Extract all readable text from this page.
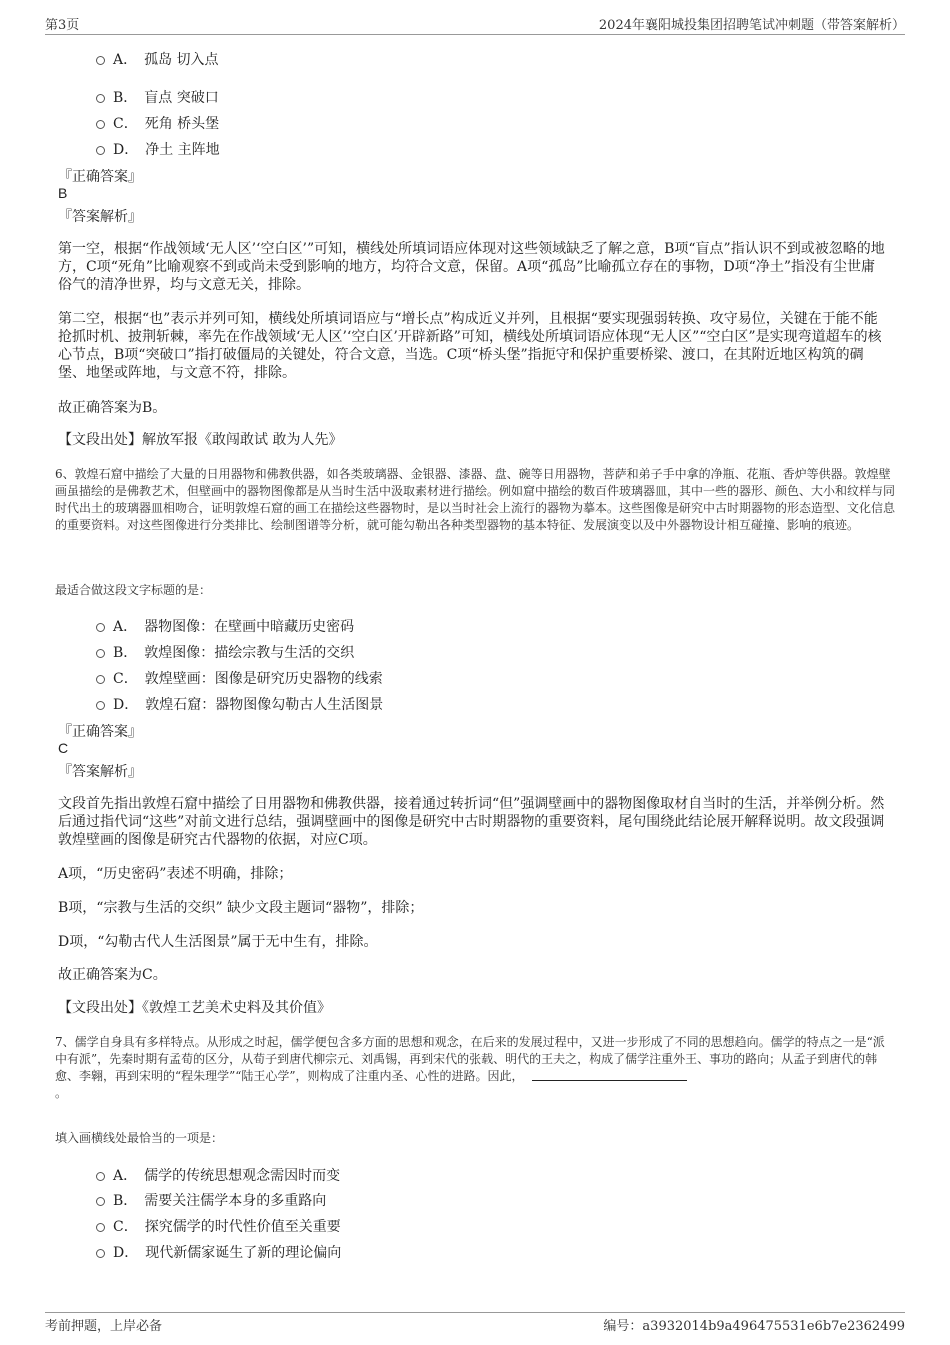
第3页	2024年襄阳城投集团招聘笔试冲刺题（带答案解析）
A．　孤岛 切入点
B．　盲点 突破口
C．　死角 桥头堡
D．　净土 主阵地
『正确答案』
B
『答案解析』
第一空，根据“作战领域‘无人区’‘空白区’”可知，横线处所填词语应体现对这些领域缺乏了解之意，B项“盲点”指认识不到或被忽略的地方，C项“死角”比喻观察不到或尚未受到影响的地方，均符合文意，保留。A项“孤岛”比喻孤立存在的事物，D项“净土”指没有尘世庸俗气的清净世界，均与文意无关，排除。
第二空，根据“也”表示并列可知，横线处所填词语应与“增长点”构成近义并列，且根据“要实现强弱转换、攻守易位，关键在于能不能抢抓时机、披荆斩棘，率先在作战领域‘无人区’‘空白区’开辟新路”可知，横线处所填词语应体现“无人区”“空白区”是实现弯道超车的核心节点，B项“突破口”指打破僵局的关键处，符合文意，当选。C项“桥头堡”指扼守和保护重要桥梁、渡口，在其附近地区构筑的碉堡、地堡或阵地，与文意不符，排除。
故正确答案为B。
【文段出处】解放军报《敢闯敢试 敢为人先》
6、敦煌石窟中描绘了大量的日用器物和佛教供器，如各类玻璃器、金银器、漆器、盘、碗等日用器物，菩萨和弟子手中拿的净瓶、花瓶、香炉等供器。敦煌壁画虽描绘的是佛教艺术，但壁画中的器物图像都是从当时生活中汲取素材进行描绘。例如窟中描绘的数百件玻璃器皿，其中一些的器形、颜色、大小和纹样与同时代出土的玻璃器皿相吻合，证明敦煌石窟的画工在描绘这些器物时，是以当时社会上流行的器物为摹本。这些图像是研究中古时期器物的形态造型、文化信息的重要资料。对这些图像进行分类排比、绘制图谱等分析，就可能勾勒出各种类型器物的基本特征、发展演变以及中外器物设计相互碰撞、影响的痕迹。
最适合做这段文字标题的是：
A．　器物图像：在壁画中暗藏历史密码
B．　敦煌图像：描绘宗教与生活的交织
C．　敦煌壁画：图像是研究历史器物的线索
D．　敦煌石窟：器物图像勾勒古人生活图景
『正确答案』
C
『答案解析』
文段首先指出敦煌石窟中描绘了日用器物和佛教供器，接着通过转折词“但”强调壁画中的器物图像取材自当时的生活，并举例分析。然后通过指代词“这些”对前文进行总结，强调壁画中的图像是研究中古时期器物的重要资料，尾句围绕此结论展开解释说明。故文段强调敦煌壁画的图像是研究古代器物的依据，对应C项。
A项，“历史密码”表述不明确，排除；
B项，“宗教与生活的交织” 缺少文段主题词“器物”，排除；
D项，“勾勒古代人生活图景”属于无中生有，排除。
故正确答案为C。
【文段出处】《敦煌工艺美术史料及其价值》
7、儒学自身具有多样特点。从形成之时起，儒学便包含多方面的思想和观念，在后来的发展过程中，又进一步形成了不同的思想趋向。儒学的特点之一是“派中有派”，先秦时期有孟荀的区分，从荀子到唐代柳宗元、刘禹锡，再到宋代的张载、明代的王夫之，构成了儒学注重外王、事功的路向；从孟子到唐代的韩愈、李翱，再到宋明的“程朱理学”“陆王心学”，则构成了注重内圣、心性的进路。因此，
。
填入画横线处最恰当的一项是：
A．　儒学的传统思想观念需因时而变
B．　需要关注儒学本身的多重路向
C．　探究儒学的时代性价值至关重要
D．　现代新儒家诞生了新的理论偏向
考前押题，上岸必备	编号：a3932014b9a496475531e6b7e2362499
